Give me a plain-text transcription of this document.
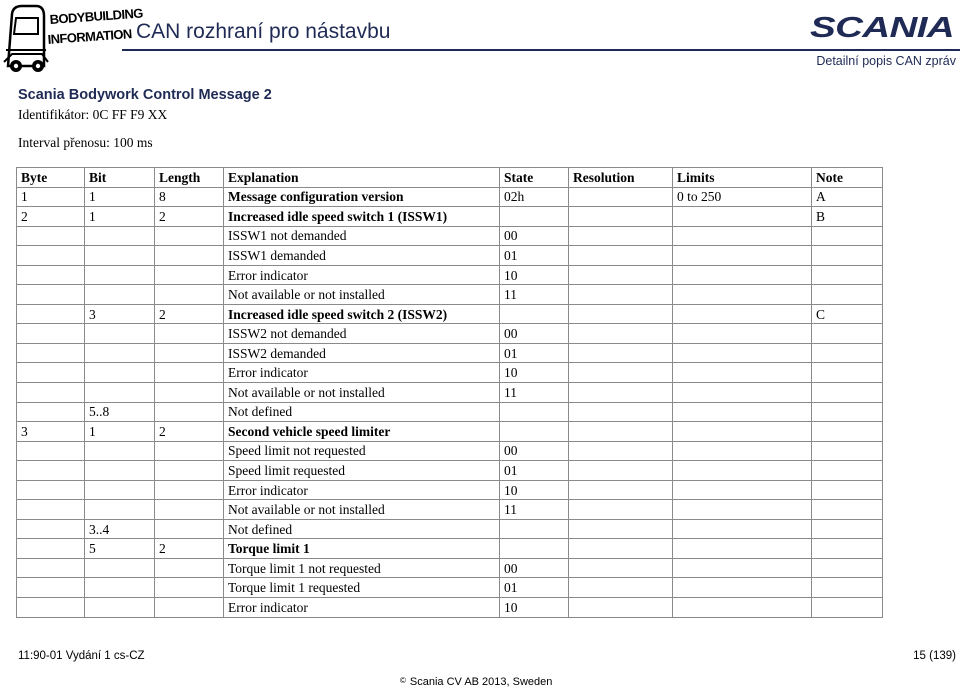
BODYBUILDING
INFORMATION CAN rozhraní pro nástavbu	SCANIA
Detailní popis CAN zpráv
Scania Bodywork Control Message 2
Identifikátor: 0C FF F9 XX
Interval přenosu: 100 ms
Byte	Bit	Length	Explanation	State	Resolution	Limits	Note
1	1	8	Message configuration version	02h		0 to 250	A
2	1	2	Increased idle speed switch 1 (ISSW1)				B
			ISSW1 not demanded	00			
			ISSW1 demanded	01			
			Error indicator	10			
			Not available or not installed	11			
	3	2	Increased idle speed switch 2 (ISSW2)				C
			ISSW2 not demanded	00			
			ISSW2 demanded	01			
			Error indicator	10			
			Not available or not installed	11			
	5..8		Not defined				
3	1	2	Second vehicle speed limiter				
			Speed limit not requested	00			
			Speed limit requested	01			
			Error indicator	10			
			Not available or not installed	11			
	3..4		Not defined				
	5	2	Torque limit 1				
			Torque limit 1 not requested	00			
			Torque limit 1 requested	01			
			Error indicator	10			
11:90-01 Vydání 1 cs-CZ	15 (139)
© Scania CV AB 2013, Sweden
